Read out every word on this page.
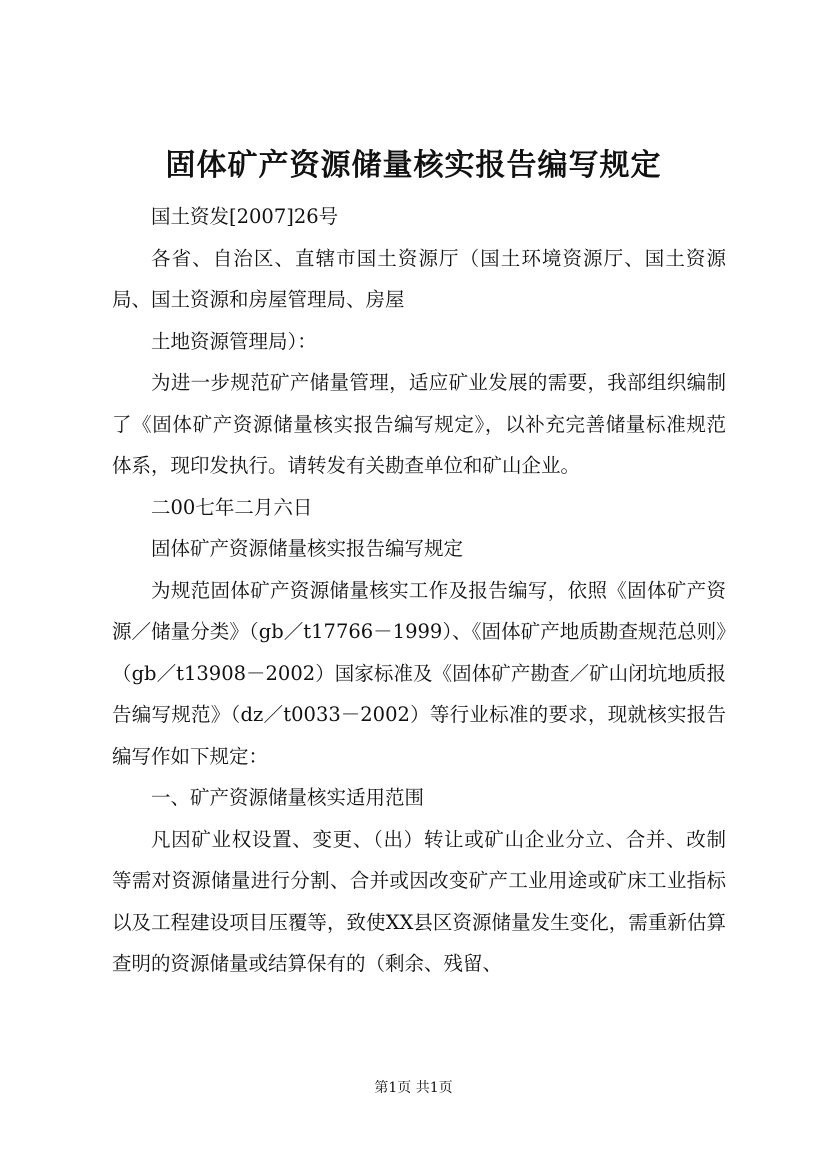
固体矿产资源储量核实报告编写规定

国土资发[2007]26号

各省、自治区、直辖市国土资源厅（国土环境资源厅、国土资源局、国土资源和房屋管理局、房屋

土地资源管理局）：

为进一步规范矿产储量管理，适应矿业发展的需要，我部组织编制了《固体矿产资源储量核实报告编写规定》，以补充完善储量标准规范体系，现印发执行。请转发有关勘查单位和矿山企业。

二00七年二月六日

固体矿产资源储量核实报告编写规定

为规范固体矿产资源储量核实工作及报告编写，依照《固体矿产资源／储量分类》（gb／t17766－1999）、《固体矿产地质勘查规范总则》（gb／t13908－2002）国家标准及《固体矿产勘查／矿山闭坑地质报告编写规范》（dz／t0033－2002）等行业标准的要求，现就核实报告编写作如下规定：

一、矿产资源储量核实适用范围

凡因矿业权设置、变更、（出）转让或矿山企业分立、合并、改制等需对资源储量进行分割、合并或因改变矿产工业用途或矿床工业指标以及工程建设项目压覆等，致使XX县区资源储量发生变化，需重新估算查明的资源储量或结算保有的（剩余、残留、

第1页 共1页
